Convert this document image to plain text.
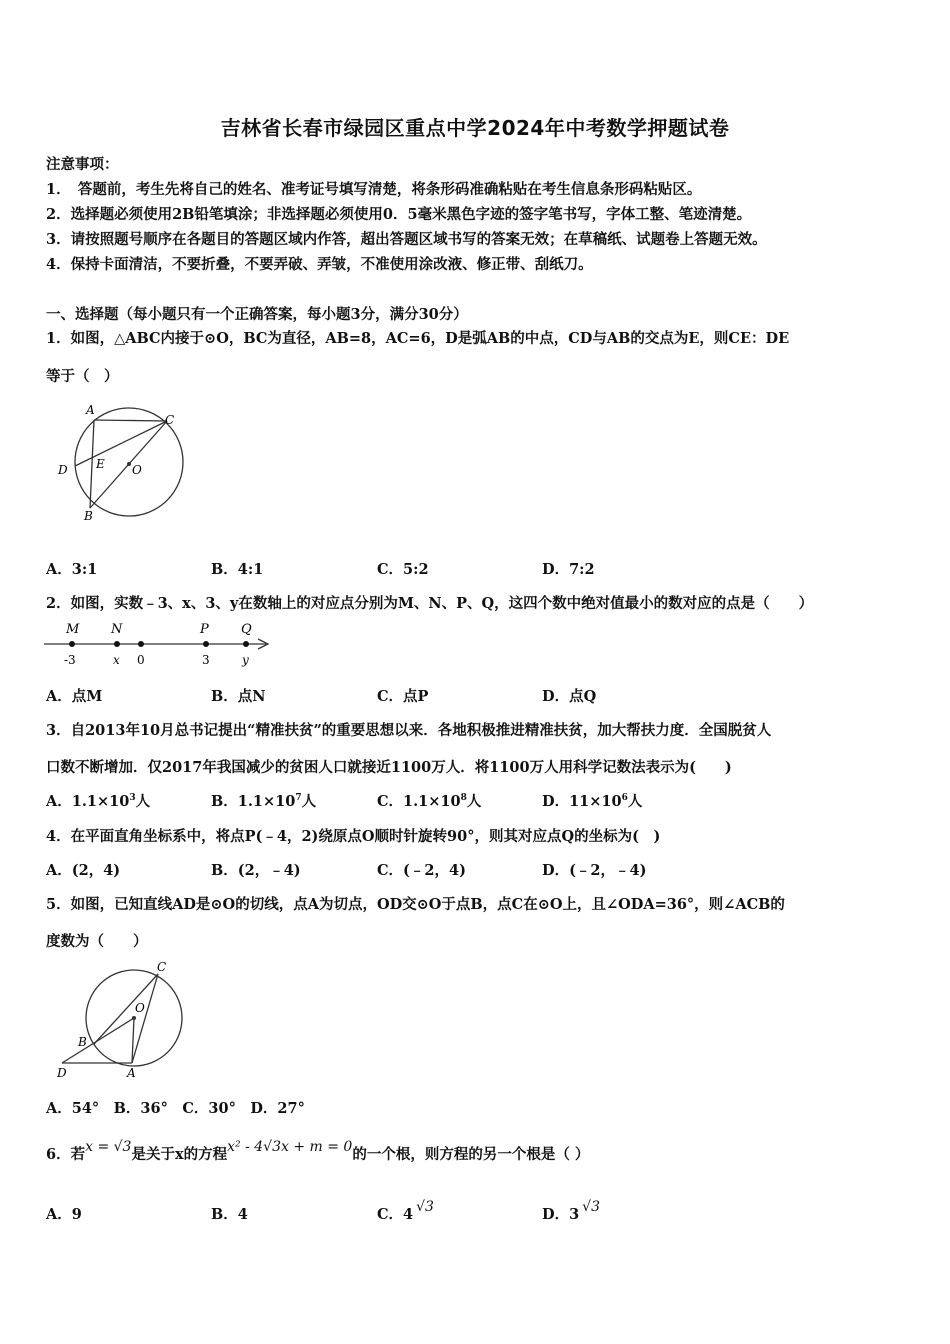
吉林省长春市绿园区重点中学2024年中考数学押题试卷
注意事项：
1．　答题前，考生先将自己的姓名、准考证号填写清楚，将条形码准确粘贴在考生信息条形码粘贴区。
2．选择题必须使用2B铅笔填涂；非选择题必须使用0．5毫米黑色字迹的签字笔书写，字体工整、笔迹清楚。
3．请按照题号顺序在各题目的答题区域内作答，超出答题区域书写的答案无效；在草稿纸、试题卷上答题无效。
4．保持卡面清洁，不要折叠，不要弄破、弄皱，不准使用涂改液、修正带、刮纸刀。
一、选择题（每小题只有一个正确答案，每小题3分，满分30分）
1．如图，△ABC内接于⊙O，BC为直径，AB=8，AC=6，D是弧AB的中点，CD与AB的交点为E，则CE：DE
等于（　）
A
C
D E O
B
A．3:1	B．4:1	C．5:2	D．7:2
2．如图，实数﹣3、x、3、y在数轴上的对应点分别为M、N、P、Q，这四个数中绝对值最小的数对应的点是（　　）
M N	P Q
-3	x 0	3	y
A．点M	B．点N	C．点P	D．点Q
3．自2013年10月总书记提出“精准扶贫”的重要思想以来．各地积极推进精准扶贫，加大帮扶力度．全国脱贫人
口数不断增加．仅2017年我国减少的贫困人口就接近1100万人．将1100万人用科学记数法表示为(　　)
A．$1.1\times 10^3$人	B．$1.1\times 10^7$人	C．$1.1\times 10^8$人	D．$11\times 10^6$人
4．在平面直角坐标系中，将点P(﹣4，2)绕原点O顺时针旋转90°，则其对应点Q的坐标为(　)
A．(2，4)	B．(2，﹣4)	C．(﹣2，4)	D．(﹣2，﹣4)
5．如图，已知直线AD是⊙O的切线，点A为切点，OD交⊙O于点B，点C在⊙O上，且∠ODA=36°，则∠ACB的
度数为（　　）
C
O
B
D	A
A．54°　B．36°　C．30°　D．27°
6．若x = √3是关于x的方程x² - 4√3x + m = 0的一个根，则方程的另一个根是（ ）
A．9	B．4	C．4 √3	D．3 √3
